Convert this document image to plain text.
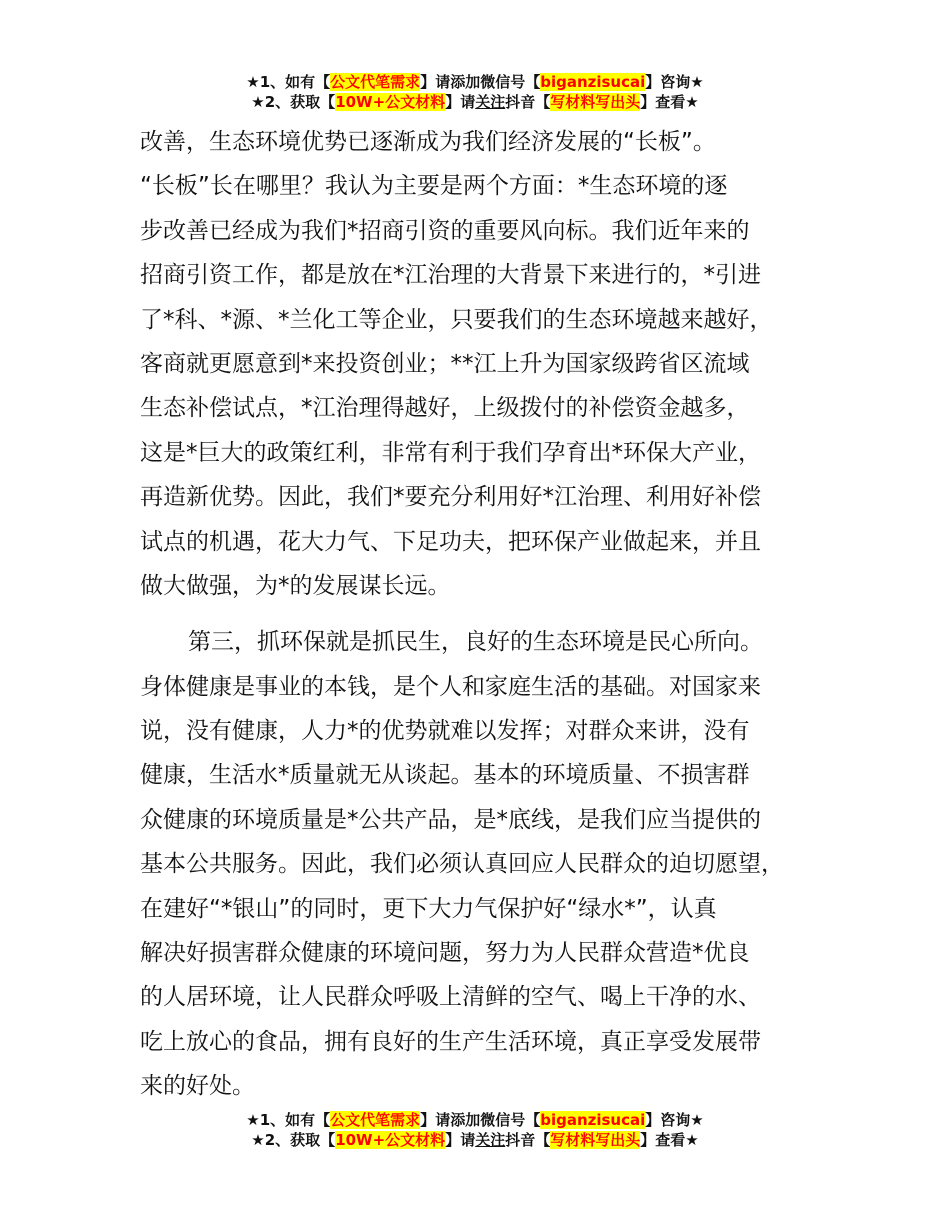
★1、如有【公文代笔需求】请添加微信号【biganzisucai】咨询★
★2、获取【10W+公文材料】请关注抖音【写材料写出头】查看★
改善，生态环境优势已逐渐成为我们经济发展的“长板”。
“长板”长在哪里？我认为主要是两个方面：*生态环境的逐
步改善已经成为我们*招商引资的重要风向标。我们近年来的
招商引资工作，都是放在*江治理的大背景下来进行的，*引进
了*科、*源、*兰化工等企业，只要我们的生态环境越来越好，
客商就更愿意到*来投资创业；**江上升为国家级跨省区流域
生态补偿试点，*江治理得越好，上级拨付的补偿资金越多，
这是*巨大的政策红利，非常有利于我们孕育出*环保大产业，
再造新优势。因此，我们*要充分利用好*江治理、利用好补偿
试点的机遇，花大力气、下足功夫，把环保产业做起来，并且
做大做强，为*的发展谋长远。
第三，抓环保就是抓民生，良好的生态环境是民心所向。
身体健康是事业的本钱，是个人和家庭生活的基础。对国家来
说，没有健康，人力*的优势就难以发挥；对群众来讲，没有
健康，生活水*质量就无从谈起。基本的环境质量、不损害群
众健康的环境质量是*公共产品，是*底线，是我们应当提供的
基本公共服务。因此，我们必须认真回应人民群众的迫切愿望，
在建好“*银山”的同时，更下大力气保护好“绿水*”，认真
解决好损害群众健康的环境问题，努力为人民群众营造*优良
的人居环境，让人民群众呼吸上清鲜的空气、喝上干净的水、
吃上放心的食品，拥有良好的生产生活环境，真正享受发展带
来的好处。
★1、如有【公文代笔需求】请添加微信号【biganzisucai】咨询★
★2、获取【10W+公文材料】请关注抖音【写材料写出头】查看★
